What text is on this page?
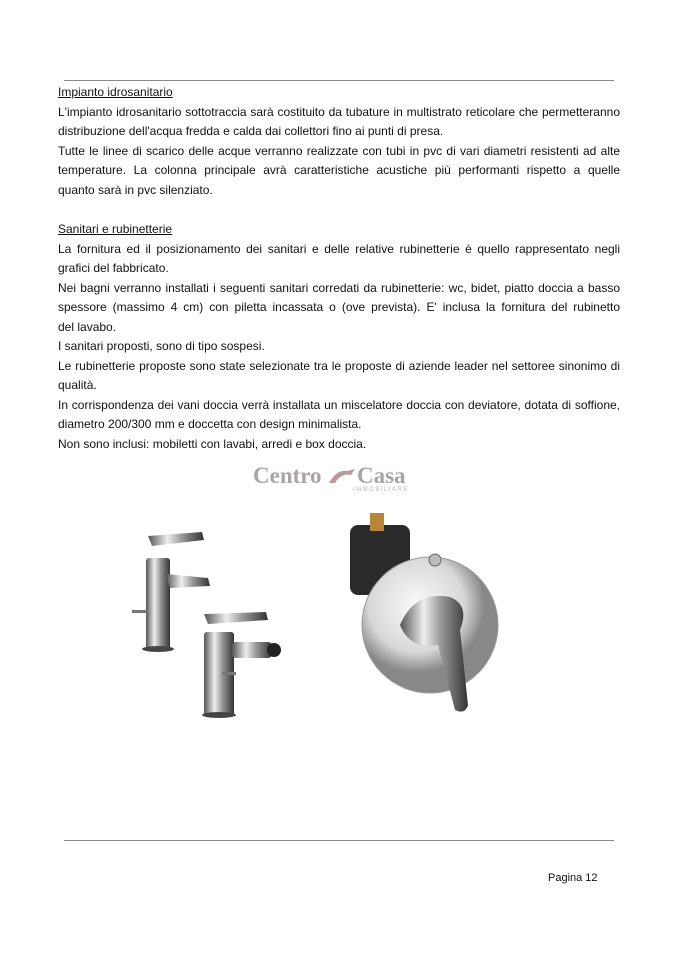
Impianto idrosanitario
L'impianto idrosanitario sottotraccia sarà costituito da tubature in multistrato reticolare che permetteranno
distribuzione dell'acqua fredda e calda dai collettori fino ai punti di presa.
Tutte le linee di scarico delle acque verranno realizzate con tubi in pvc di vari diametri resistenti ad alte
temperature. La colonna principale avrà caratteristiche acustiche più performanti rispetto a quelle
quanto sarà in pvc silenziato.
Sanitari e rubinetterie
La fornitura ed il posizionamento dei sanitari e delle relative rubinetterie è quello rappresentato negli
grafici del fabbricato.
Nei bagni verranno installati i seguenti sanitari corredati da rubinetterie: wc, bidet, piatto doccia a basso
spessore (massimo 4 cm) con piletta incassata o (ove prevista). E' inclusa la fornitura del rubinetto
del lavabo.
I sanitari proposti, sono di tipo sospesi.
Le rubinetterie proposte sono state selezionate tra le proposte di aziende leader nel settoree sinonimo di
qualità.
In corrispondenza dei vani doccia verrà installata un miscelatore doccia con deviatore, dotata di soffione,
diametro 200/300 mm e doccetta con design minimalista.
Non sono inclusi: mobiletti con lavabi, arredi e box doccia.
Centro Casa
IMMOBILIARE
Pagina 12
